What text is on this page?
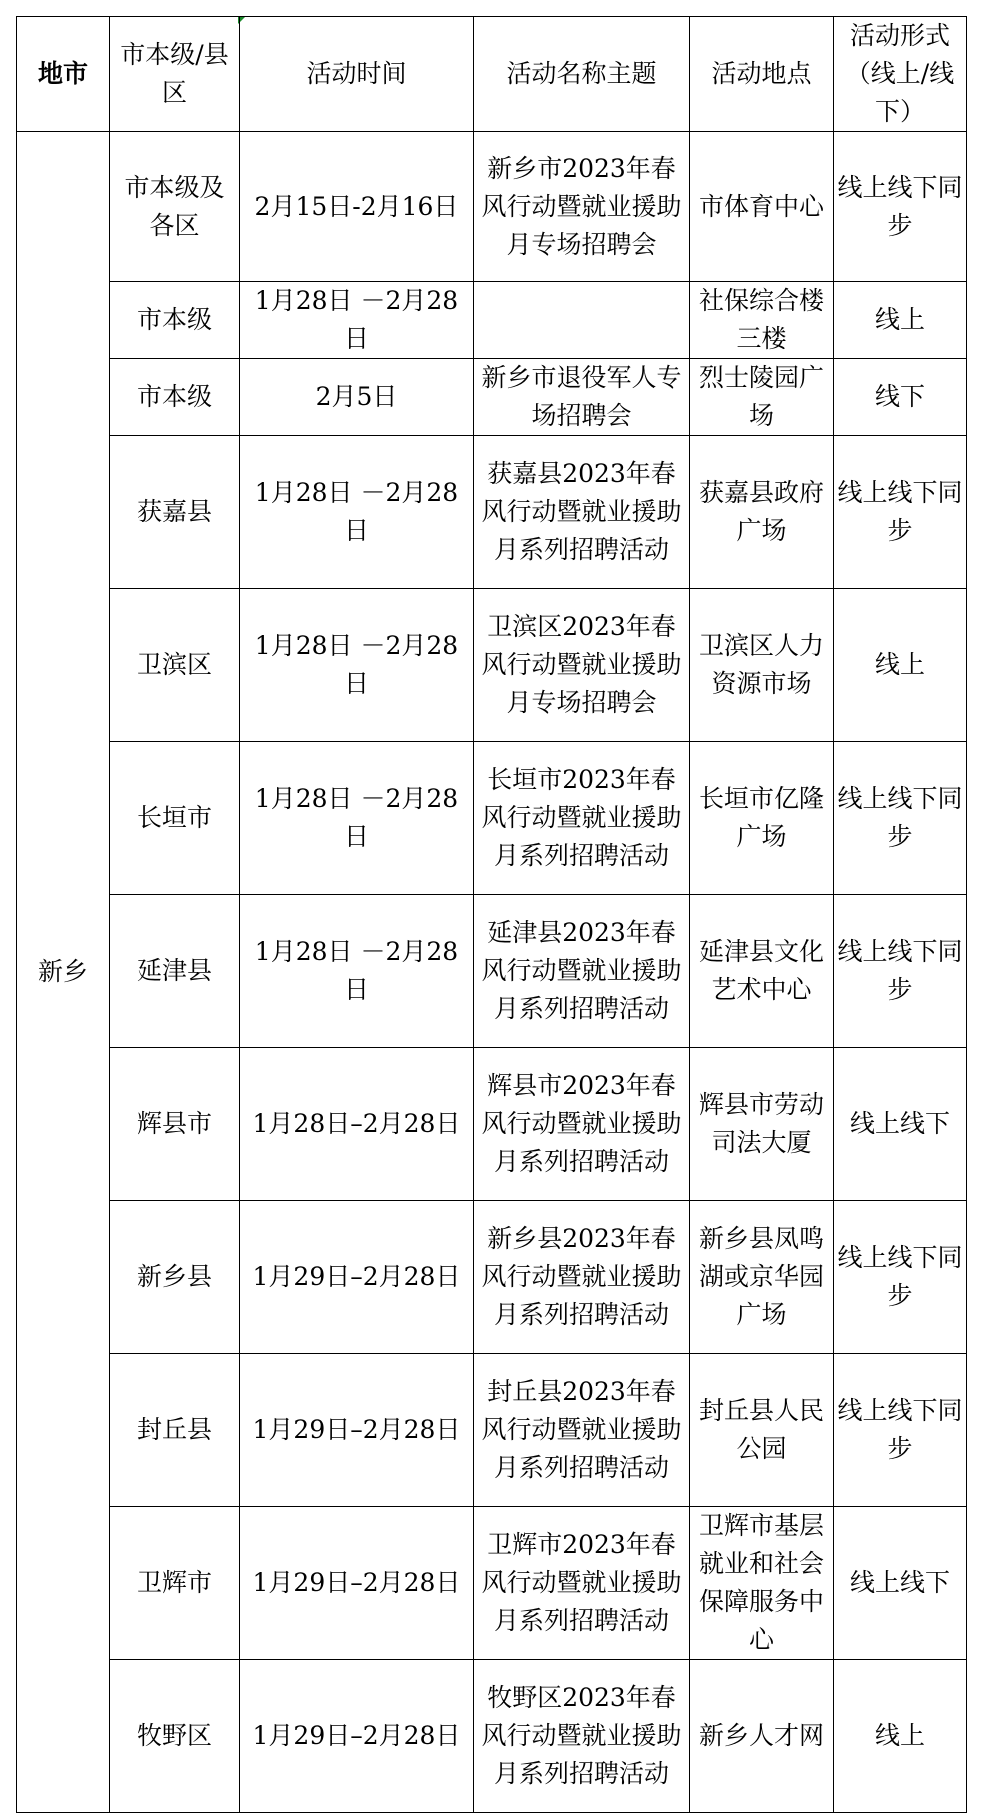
地市	市本级/县区	活动时间	活动名称主题	活动地点	活动形式（线上/线下）
新乡	市本级及各区	2月15日-2月16日	新乡市2023年春风行动暨就业援助月专场招聘会	市体育中心	线上线下同步
	市本级	1月28日 －2月28日		社保综合楼三楼	线上
	市本级	2月5日	新乡市退役军人专场招聘会	烈士陵园广场	线下
	获嘉县	1月28日 －2月28日	获嘉县2023年春风行动暨就业援助月系列招聘活动	获嘉县政府广场	线上线下同步
	卫滨区	1月28日 －2月28日	卫滨区2023年春风行动暨就业援助月专场招聘会	卫滨区人力资源市场	线上
	长垣市	1月28日 －2月28日	长垣市2023年春风行动暨就业援助月系列招聘活动	长垣市亿隆广场	线上线下同步
	延津县	1月28日 －2月28日	延津县2023年春风行动暨就业援助月系列招聘活动	延津县文化艺术中心	线上线下同步
	辉县市	1月28日–2月28日	辉县市2023年春风行动暨就业援助月系列招聘活动	辉县市劳动司法大厦	线上线下
	新乡县	1月29日–2月28日	新乡县2023年春风行动暨就业援助月系列招聘活动	新乡县凤鸣湖或京华园广场	线上线下同步
	封丘县	1月29日–2月28日	封丘县2023年春风行动暨就业援助月系列招聘活动	封丘县人民公园	线上线下同步
	卫辉市	1月29日–2月28日	卫辉市2023年春风行动暨就业援助月系列招聘活动	卫辉市基层就业和社会保障服务中心	线上线下
	牧野区	1月29日–2月28日	牧野区2023年春风行动暨就业援助月系列招聘活动	新乡人才网	线上
